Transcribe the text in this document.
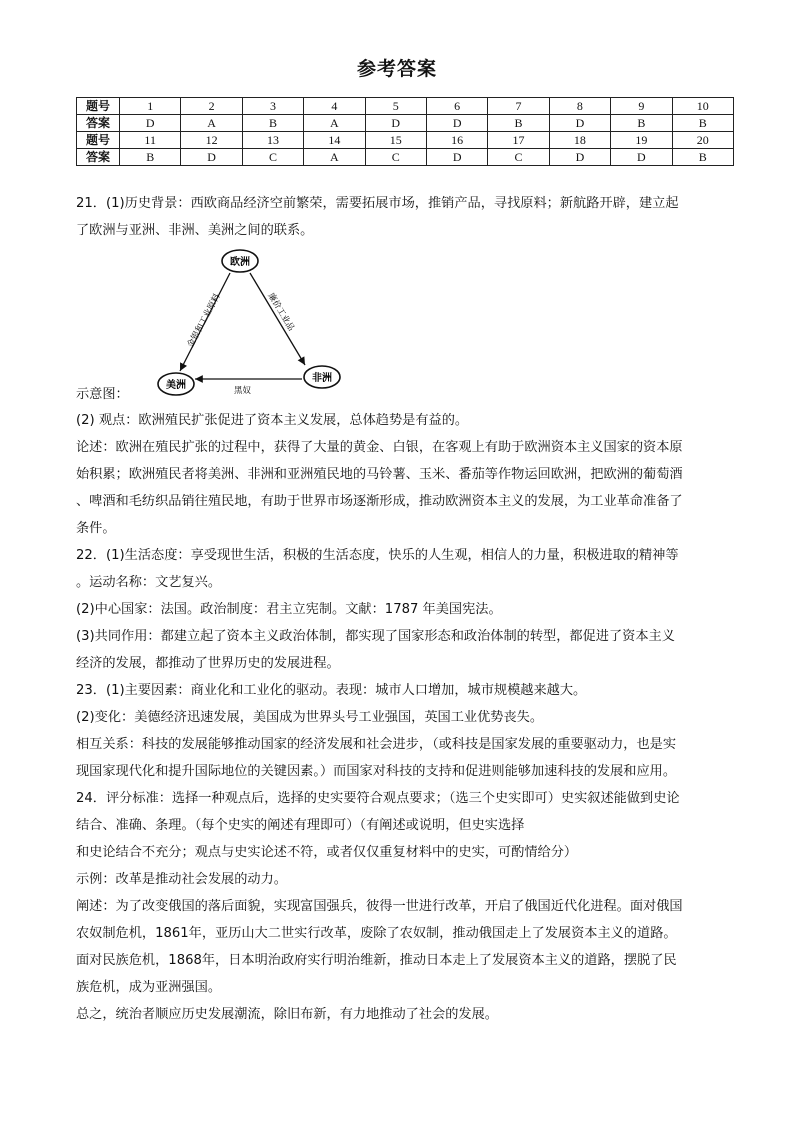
参考答案
题号	1	2	3	4	5	6	7	8	9	10
答案	D	A	B	A	D	D	B	D	B	B
题号	11	12	13	14	15	16	17	18	19	20
答案	B	D	C	A	C	D	C	D	D	B
21．(1)历史背景：西欧商品经济空前繁荣，需要拓展市场，推销产品，寻找原料；新航路开辟，建立起
了欧洲与亚洲、非洲、美洲之间的联系。
欧洲
美洲
非洲
金银和工业原料	廉价工业品
黑奴
示意图：
(2) 观点：欧洲殖民扩张促进了资本主义发展，总体趋势是有益的。
论述：欧洲在殖民扩张的过程中，获得了大量的黄金、白银，在客观上有助于欧洲资本主义国家的资本原
始积累；欧洲殖民者将美洲、非洲和亚洲殖民地的马铃薯、玉米、番茄等作物运回欧洲，把欧洲的葡萄酒
、啤酒和毛纺织品销往殖民地，有助于世界市场逐渐形成，推动欧洲资本主义的发展，为工业革命准备了
条件。
22．(1)生活态度：享受现世生活，积极的生活态度，快乐的人生观，相信人的力量，积极进取的精神等
。运动名称：文艺复兴。
(2)中心国家：法国。政治制度：君主立宪制。文献：1787 年美国宪法。
(3)共同作用：都建立起了资本主义政治体制，都实现了国家形态和政治体制的转型，都促进了资本主义
经济的发展，都推动了世界历史的发展进程。
23．(1)主要因素：商业化和工业化的驱动。表现：城市人口增加，城市规模越来越大。
(2)变化：美德经济迅速发展，美国成为世界头号工业强国，英国工业优势丧失。
相互关系：科技的发展能够推动国家的经济发展和社会进步，（或科技是国家发展的重要驱动力，也是实
现国家现代化和提升国际地位的关键因素。）而国家对科技的支持和促进则能够加速科技的发展和应用。
24．评分标准：选择一种观点后，选择的史实要符合观点要求；（选三个史实即可）史实叙述能做到史论
结合、准确、条理。（每个史实的阐述有理即可）（有阐述或说明，但史实选择
和史论结合不充分；观点与史实论述不符，或者仅仅重复材料中的史实，可酌情给分）
示例：改革是推动社会发展的动力。
阐述：为了改变俄国的落后面貌，实现富国强兵，彼得一世进行改革，开启了俄国近代化进程。面对俄国
农奴制危机，1861年，亚历山大二世实行改革，废除了农奴制，推动俄国走上了发展资本主义的道路。
面对民族危机，1868年，日本明治政府实行明治维新，推动日本走上了发展资本主义的道路，摆脱了民
族危机，成为亚洲强国。
总之，统治者顺应历史发展潮流，除旧布新，有力地推动了社会的发展。
